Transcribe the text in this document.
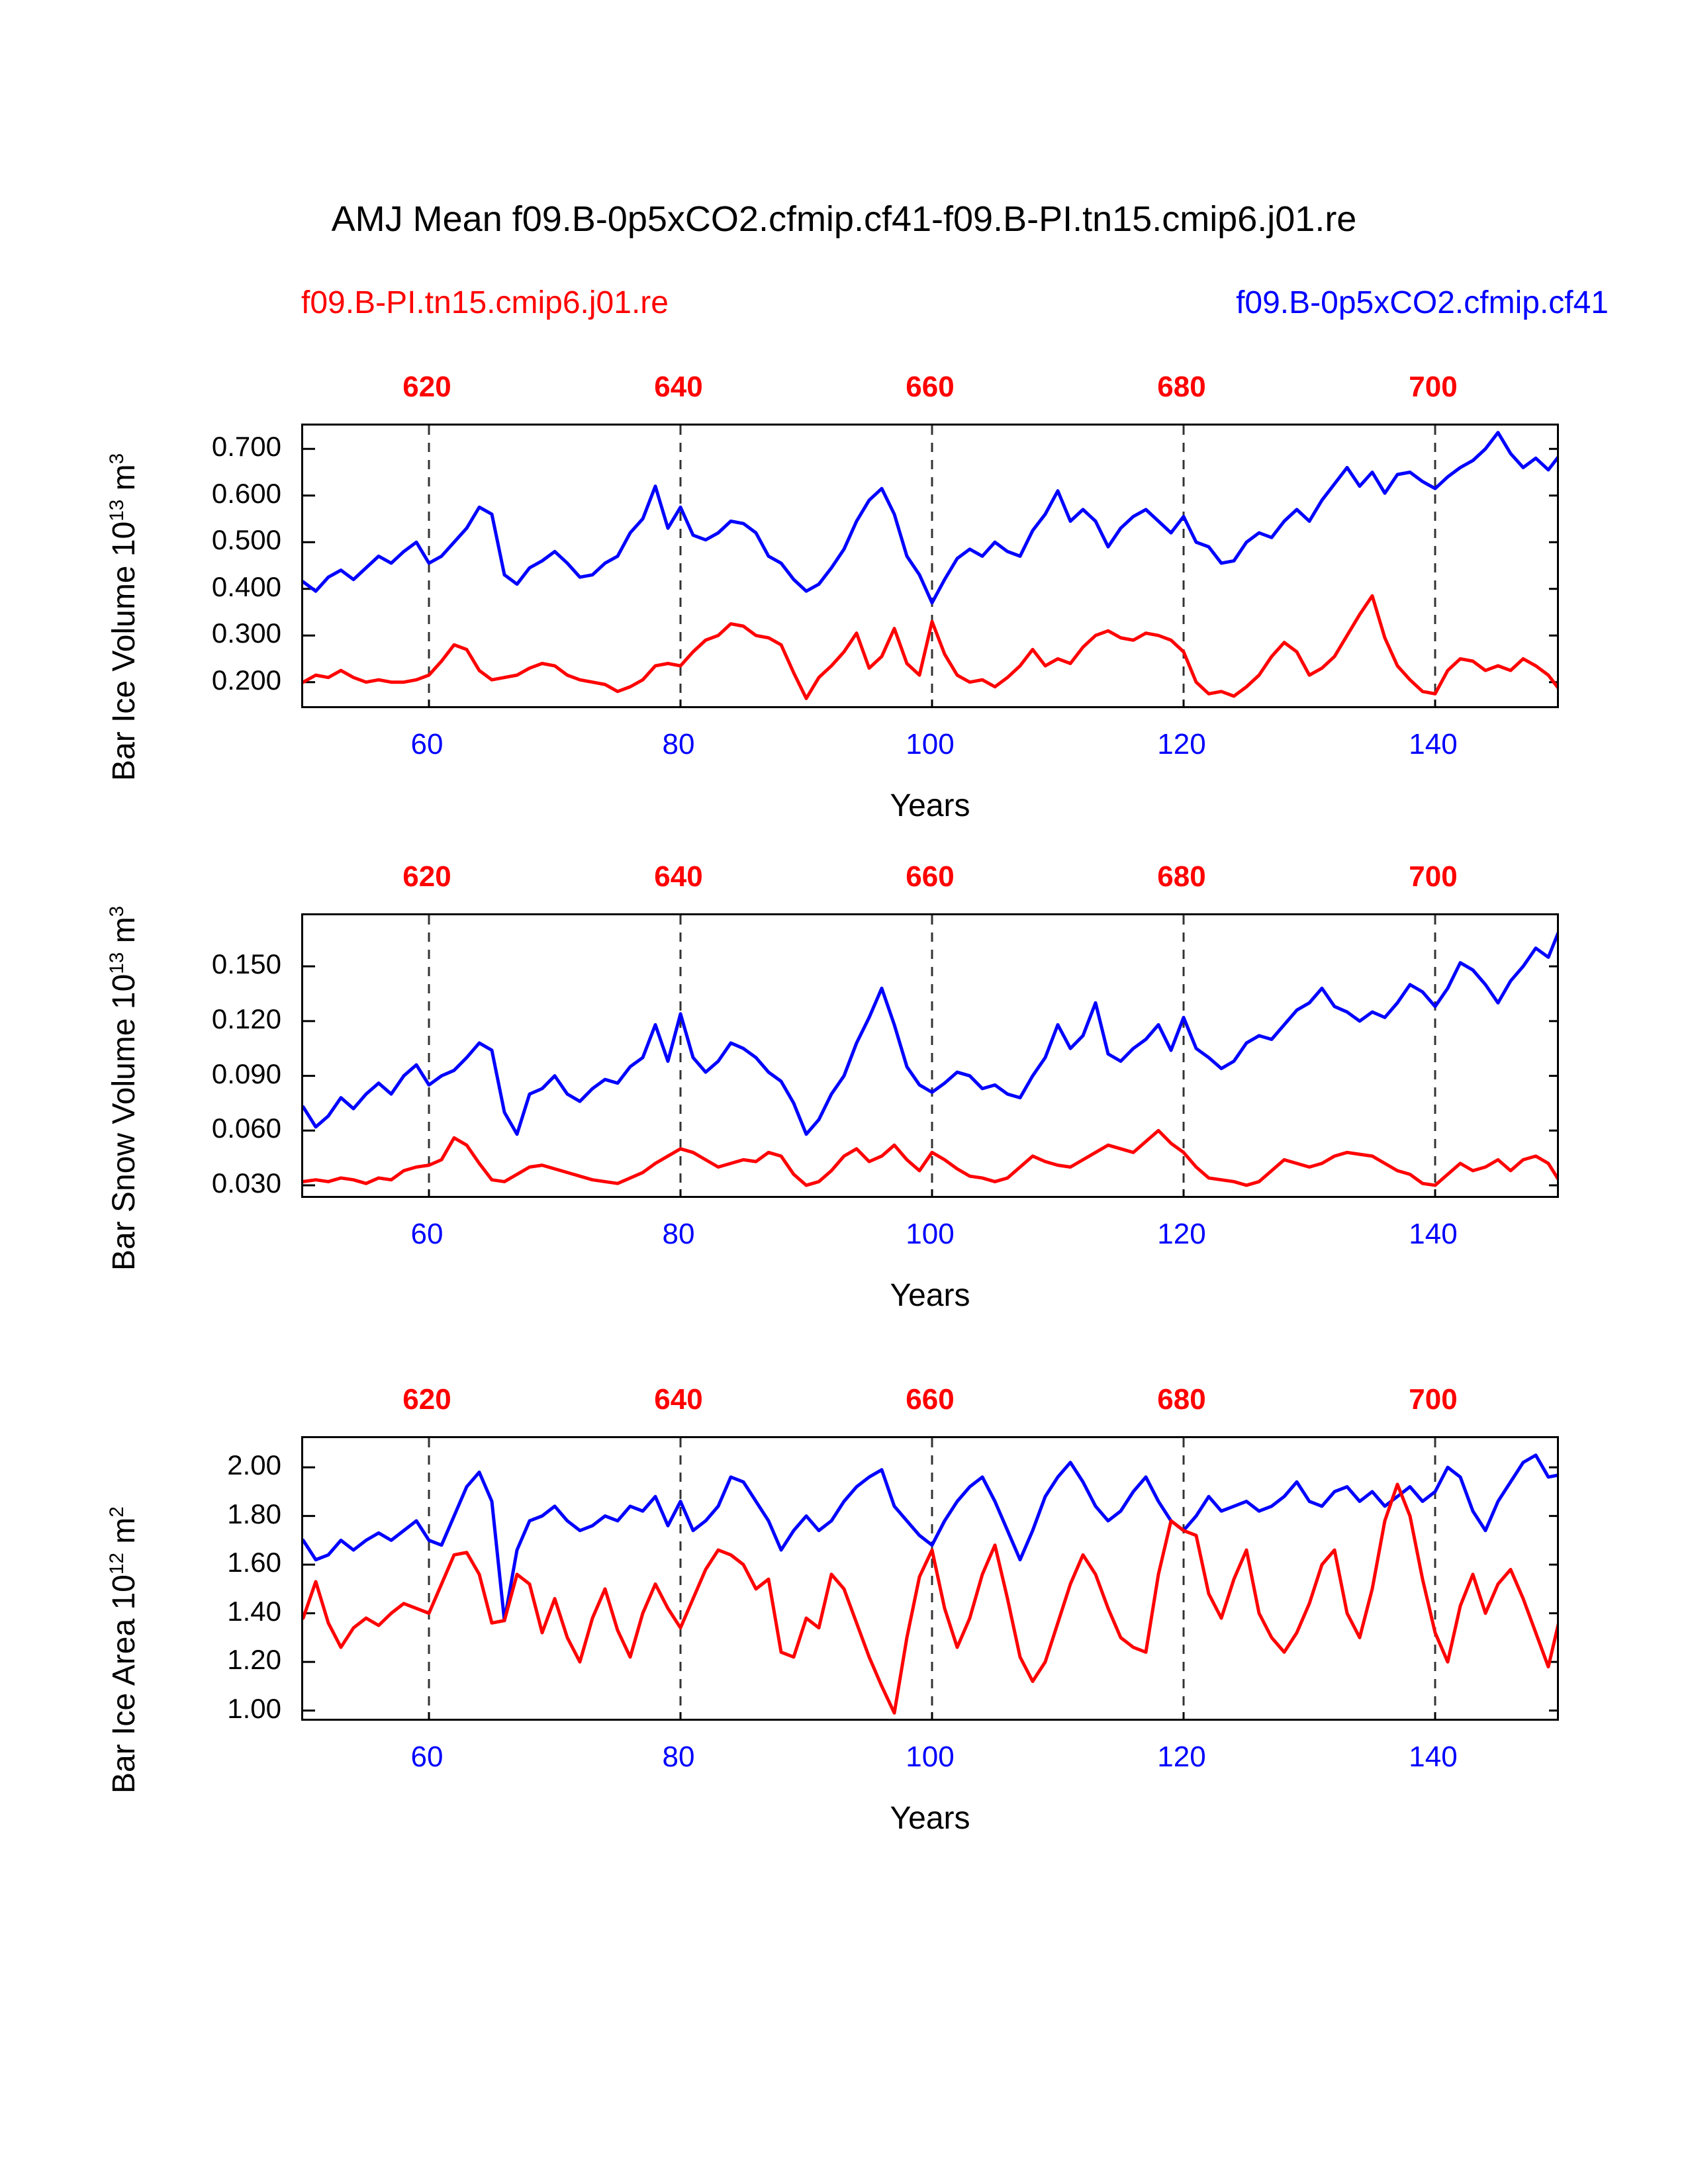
AMJ Mean f09.B-0p5xCO2.cfmip.cf41-f09.B-PI.tn15.cmip6.j01.re
f09.B-PI.tn15.cmip6.j01.re	f09.B-0p5xCO2.cfmip.cf41
620	640	660	680	700
0.200
0.300
0.400
0.500
0.600
0.700
60	80	100	120	140
Years
Bar Ice Volume $10^{13}$ $m^3$
620	640	660	680	700
0.030
0.060
0.090
0.120
0.150
60	80	100	120	140
Years
Bar Snow Volume $10^{13}$ $m^3$
620	640	660	680	700
1.00
1.20
1.40
1.60
1.80
2.00
60	80	100	120	140
Years
Bar Ice Area $10^{12}$ $m^2$
